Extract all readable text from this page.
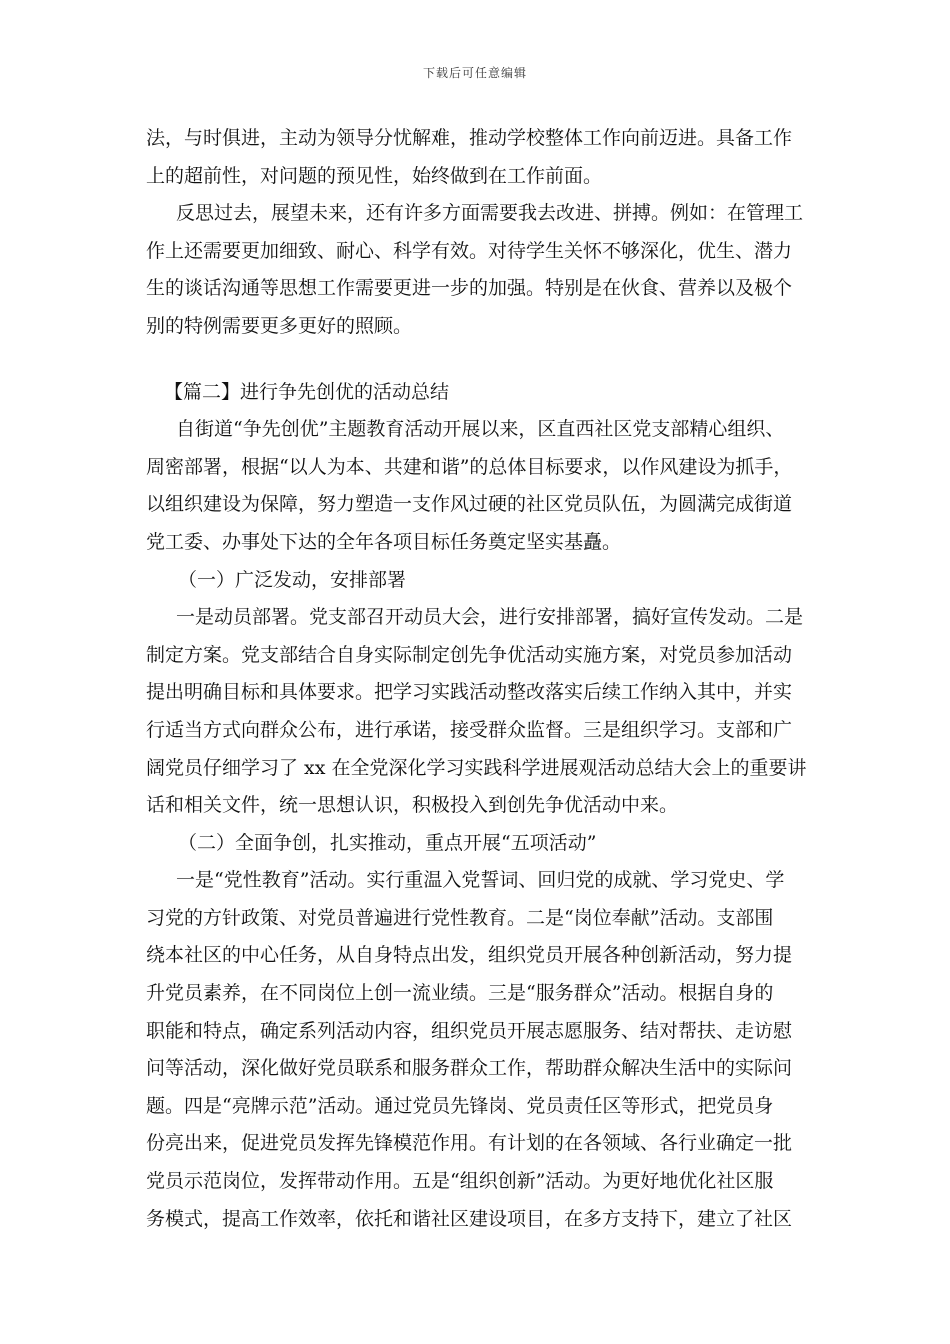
下载后可任意编辑
法，与时俱进，主动为领导分忧解难，推动学校整体工作向前迈进。具备工作
上的超前性，对问题的预见性，始终做到在工作前面。
反思过去，展望未来，还有许多方面需要我去改进、拼搏。例如：在管理工
作上还需要更加细致、耐心、科学有效。对待学生关怀不够深化，优生、潜力
生的谈话沟通等思想工作需要更进一步的加强。特别是在伙食、营养以及极个
别的特例需要更多更好的照顾。
【篇二】进行争先创优的活动总结
自街道“争先创优”主题教育活动开展以来，区直西社区党支部精心组织、
周密部署，根据“以人为本、共建和谐”的总体目标要求，以作风建设为抓手，
以组织建设为保障，努力塑造一支作风过硬的社区党员队伍，为圆满完成街道
党工委、办事处下达的全年各项目标任务奠定坚实基矗。
（一）广泛发动，安排部署
一是动员部署。党支部召开动员大会，进行安排部署，搞好宣传发动。二是
制定方案。党支部结合自身实际制定创先争优活动实施方案，对党员参加活动
提出明确目标和具体要求。把学习实践活动整改落实后续工作纳入其中，并实
行适当方式向群众公布，进行承诺，接受群众监督。三是组织学习。支部和广
阔党员仔细学习了 xx 在全党深化学习实践科学进展观活动总结大会上的重要讲
话和相关文件，统一思想认识，积极投入到创先争优活动中来。
（二）全面争创，扎实推动，重点开展“五项活动”
一是“党性教育”活动。实行重温入党誓词、回归党的成就、学习党史、学
习党的方针政策、对党员普遍进行党性教育。二是“岗位奉献”活动。支部围
绕本社区的中心任务，从自身特点出发，组织党员开展各种创新活动，努力提
升党员素养，在不同岗位上创一流业绩。三是“服务群众”活动。根据自身的
职能和特点，确定系列活动内容，组织党员开展志愿服务、结对帮扶、走访慰
问等活动，深化做好党员联系和服务群众工作，帮助群众解决生活中的实际问
题。四是“亮牌示范”活动。通过党员先锋岗、党员责任区等形式，把党员身
份亮出来，促进党员发挥先锋模范作用。有计划的在各领域、各行业确定一批
党员示范岗位，发挥带动作用。五是“组织创新”活动。为更好地优化社区服
务模式，提高工作效率，依托和谐社区建设项目，在多方支持下，建立了社区
